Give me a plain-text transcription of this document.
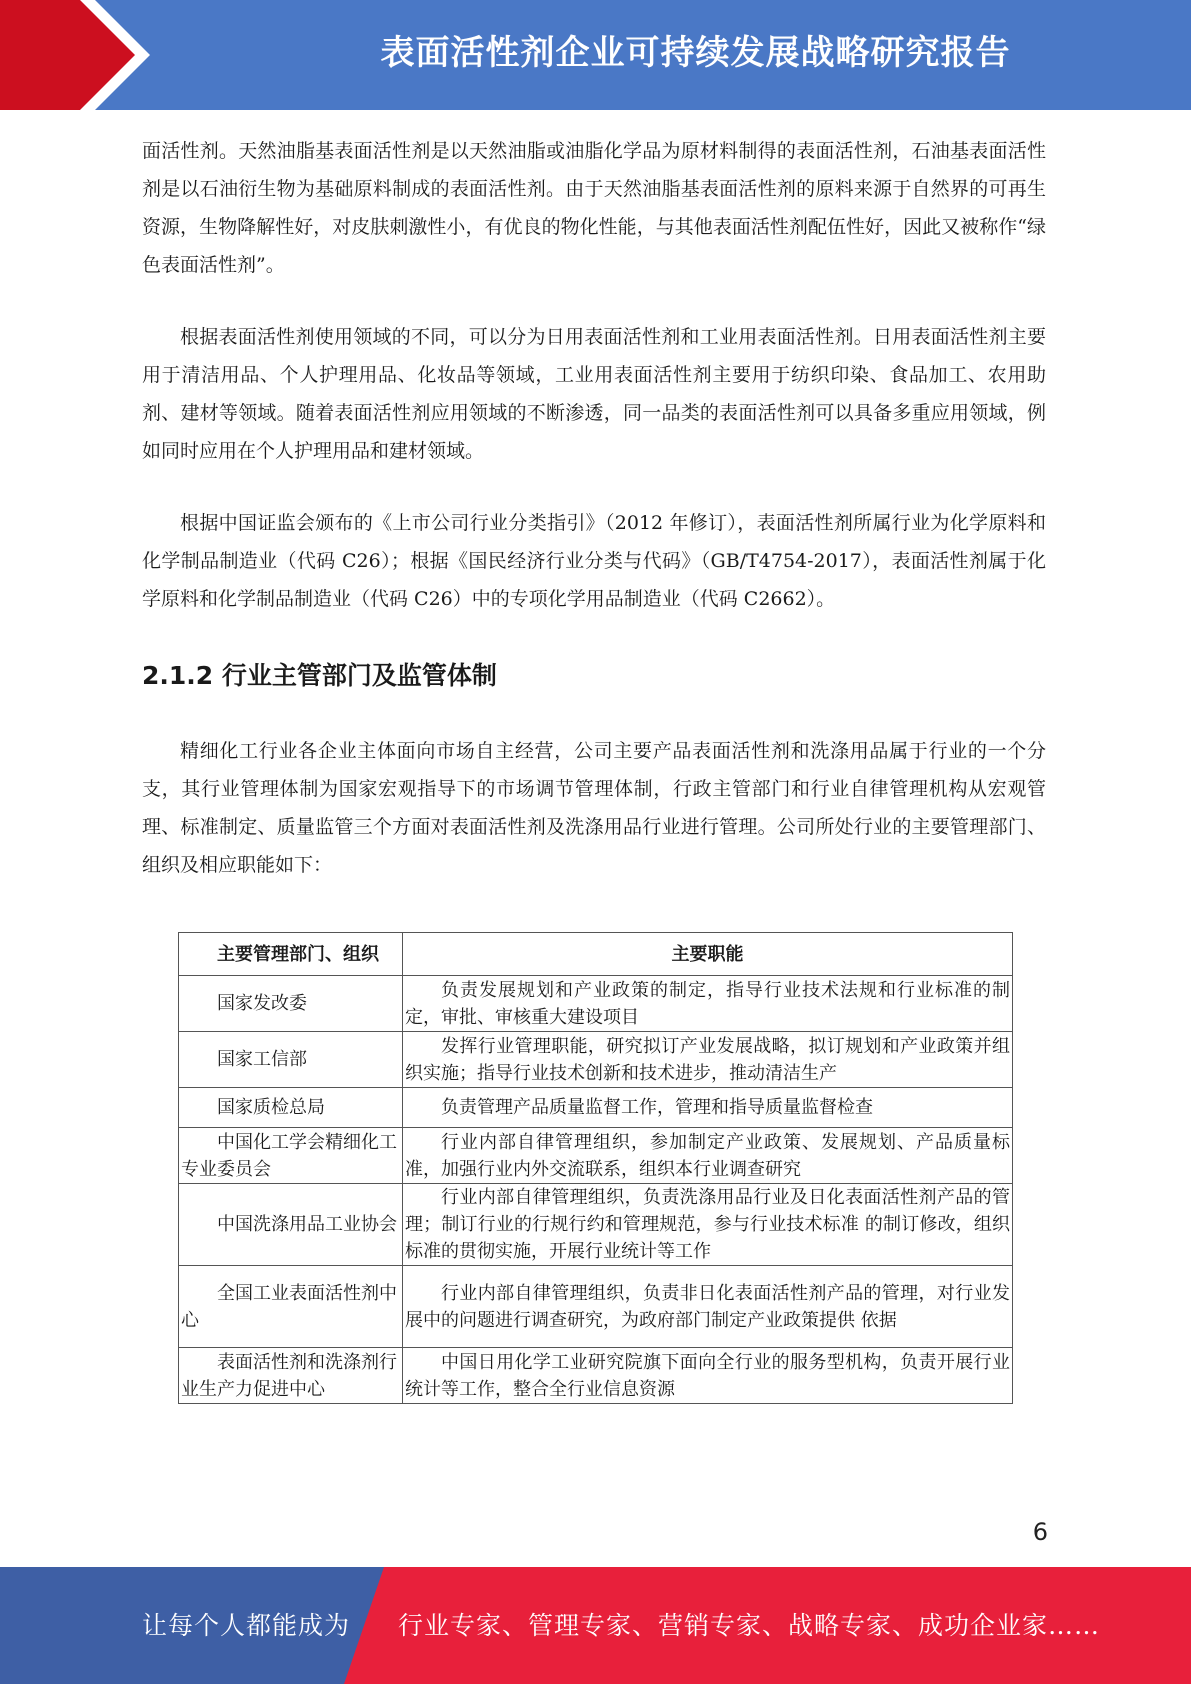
表面活性剂企业可持续发展战略研究报告

面活性剂。天然油脂基表面活性剂是以天然油脂或油脂化学品为原材料制得的表面活性剂，石油基表面活性剂是以石油衍生物为基础原料制成的表面活性剂。由于天然油脂基表面活性剂的原料来源于自然界的可再生资源，生物降解性好，对皮肤刺激性小，有优良的物化性能，与其他表面活性剂配伍性好，因此又被称作“绿色表面活性剂”。

根据表面活性剂使用领域的不同，可以分为日用表面活性剂和工业用表面活性剂。日用表面活性剂主要用于清洁用品、个人护理用品、化妆品等领域，工业用表面活性剂主要用于纺织印染、食品加工、农用助剂、建材等领域。随着表面活性剂应用领域的不断渗透，同一品类的表面活性剂可以具备多重应用领域，例如同时应用在个人护理用品和建材领域。

根据中国证监会颁布的《上市公司行业分类指引》（2012 年修订），表面活性剂所属行业为化学原料和化学制品制造业（代码 C26）；根据《国民经济行业分类与代码》（GB/T4754-2017），表面活性剂属于化学原料和化学制品制造业（代码 C26）中的专项化学用品制造业（代码 C2662）。

2.1.2 行业主管部门及监管体制

精细化工行业各企业主体面向市场自主经营，公司主要产品表面活性剂和洗涤用品属于行业的一个分支，其行业管理体制为国家宏观指导下的市场调节管理体制，行政主管部门和行业自律管理机构从宏观管理、标准制定、质量监管三个方面对表面活性剂及洗涤用品行业进行管理。公司所处行业的主要管理部门、组织及相应职能如下：

主要管理部门、组织	主要职能
国家发改委	负责发展规划和产业政策的制定，指导行业技术法规和行业标准的制定，审批、审核重大建设项目
国家工信部	发挥行业管理职能，研究拟订产业发展战略，拟订规划和产业政策并组织实施；指导行业技术创新和技术进步，推动清洁生产
国家质检总局	负责管理产品质量监督工作，管理和指导质量监督检查
中国化工学会精细化工专业委员会	行业内部自律管理组织，参加制定产业政策、发展规划、产品质量标准，加强行业内外交流联系，组织本行业调查研究
中国洗涤用品工业协会	行业内部自律管理组织，负责洗涤用品行业及日化表面活性剂产品的管理；制订行业的行规行约和管理规范，参与行业技术标准 的制订修改，组织标准的贯彻实施，开展行业统计等工作
全国工业表面活性剂中心	行业内部自律管理组织，负责非日化表面活性剂产品的管理，对行业发展中的问题进行调查研究，为政府部门制定产业政策提供 依据
表面活性剂和洗涤剂行业生产力促进中心	中国日用化学工业研究院旗下面向全行业的服务型机构，负责开展行业统计等工作，整合全行业信息资源
6
让每个人都能成为 行业专家、管理专家、营销专家、战略专家、成功企业家……
